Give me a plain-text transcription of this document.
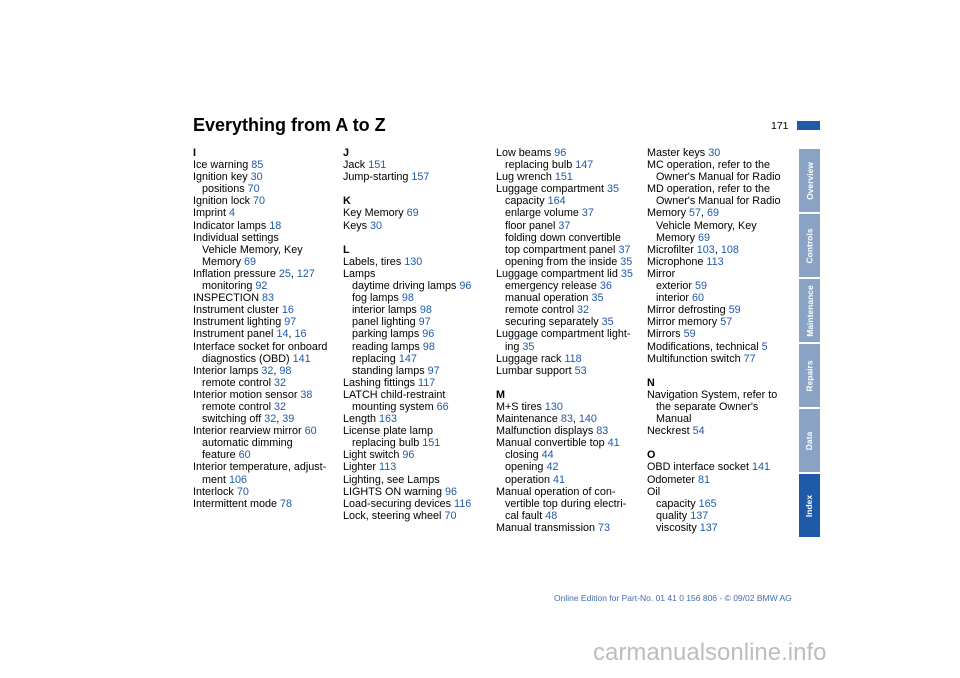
Everything from A to Z	171
I
Ice warning 85
Ignition key 30
positions 70
Ignition lock 70
Imprint 4
Indicator lamps 18
Individual settings
Vehicle Memory, Key
Memory 69
Inflation pressure 25, 127
monitoring 92
INSPECTION 83
Instrument cluster 16
Instrument lighting 97
Instrument panel 14, 16
Interface socket for onboard
diagnostics (OBD) 141
Interior lamps 32, 98
remote control 32
Interior motion sensor 38
remote control 32
switching off 32, 39
Interior rearview mirror 60
automatic dimming
feature 60
Interior temperature, adjust-
ment 106
Interlock 70
Intermittent mode 78
J
Jack 151
Jump-starting 157
K
Key Memory 69
Keys 30
L
Labels, tires 130
Lamps
daytime driving lamps 96
fog lamps 98
interior lamps 98
panel lighting 97
parking lamps 96
reading lamps 98
replacing 147
standing lamps 97
Lashing fittings 117
LATCH child-restraint
mounting system 66
Length 163
License plate lamp
replacing bulb 151
Light switch 96
Lighter 113
Lighting, see Lamps
LIGHTS ON warning 96
Load-securing devices 116
Lock, steering wheel 70
Low beams 96
replacing bulb 147
Lug wrench 151
Luggage compartment 35
capacity 164
enlarge volume 37
floor panel 37
folding down convertible
top compartment panel 37
opening from the inside 35
Luggage compartment lid 35
emergency release 36
manual operation 35
remote control 32
securing separately 35
Luggage compartment light-
ing 35
Luggage rack 118
Lumbar support 53
M
M+S tires 130
Maintenance 83, 140
Malfunction displays 83
Manual convertible top 41
closing 44
opening 42
operation 41
Manual operation of con-
vertible top during electri-
cal fault 48
Manual transmission 73
Master keys 30
MC operation, refer to the
Owner's Manual for Radio
MD operation, refer to the
Owner's Manual for Radio
Memory 57, 69
Vehicle Memory, Key
Memory 69
Microfilter 103, 108
Microphone 113
Mirror
exterior 59
interior 60
Mirror defrosting 59
Mirror memory 57
Mirrors 59
Modifications, technical 5
Multifunction switch 77
N
Navigation System, refer to
the separate Owner's
Manual
Neckrest 54
O
OBD interface socket 141
Odometer 81
Oil
capacity 165
quality 137
viscosity 137
Overview
Controls
Maintenance
Repairs
Data
Index
Online Edition for Part-No. 01 41 0 156 806 - © 09/02 BMW AG
carmanualsonline.info
